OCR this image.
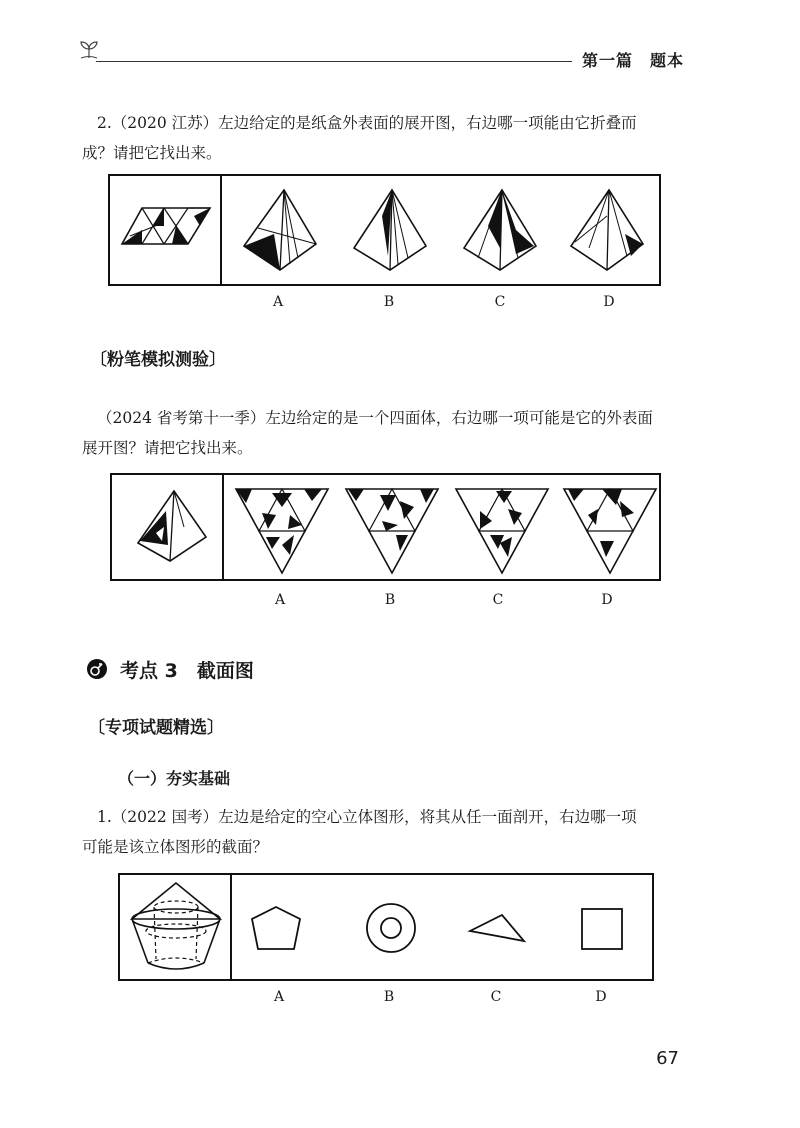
第一篇　题本
2.（2020 江苏）左边给定的是纸盒外表面的展开图，右边哪一项能由它折叠而
成？请把它找出来。
A	B	C	D
〔粉笔模拟测验〕
（2024 省考第十一季）左边给定的是一个四面体，右边哪一项可能是它的外表面
展开图？请把它找出来。
A	B	C	D
考点 3　截面图
〔专项试题精选〕
（一）夯实基础
1.（2022 国考）左边是给定的空心立体图形，将其从任一面剖开，右边哪一项
可能是该立体图形的截面？
A	B	C	D
67
